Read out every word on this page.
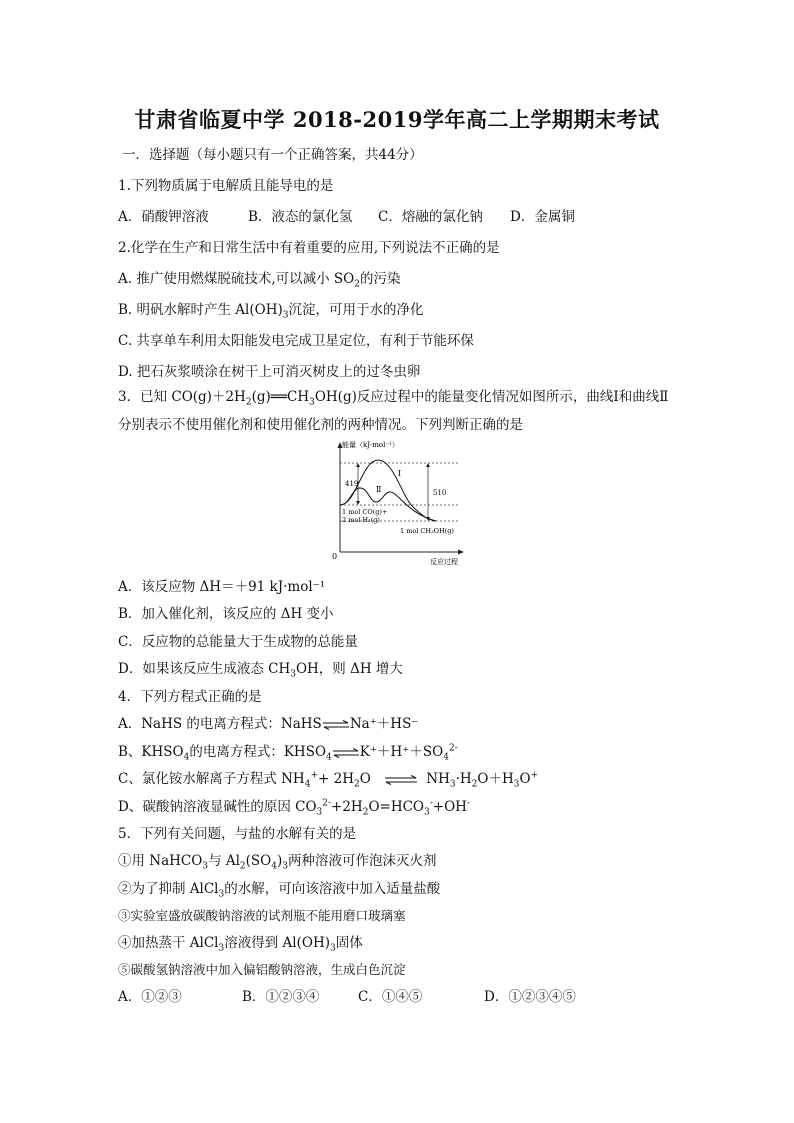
甘肃省临夏中学 2018-2019学年高二上学期期末考试
一．选择题（每小题只有一个正确答案，共44分）
1.下列物质属于电解质且能导电的是
A．硝酸钾溶液	B．液态的氯化氢 C．熔融的氯化钠 D．金属铜
2.化学在生产和日常生活中有着重要的应用,下列说法不正确的是
A. 推广使用燃煤脱硫技术,可以减小 $SO_2$的污染
B. 明矾水解时产生 $Al(OH)_3$沉淀，可用于水的净化
C. 共享单车利用太阳能发电完成卫星定位，有利于节能环保
D. 把石灰浆喷涂在树干上可消灭树皮上的过冬虫卵
3．已知 $CO(g)+2H_2(g)══CH_3OH(g)$反应过程中的能量变化情况如图所示，曲线Ⅰ和曲线Ⅱ
分别表示不使用催化剂和使用催化剂的两种情况。下列判断正确的是
能量（kJ·mol⁻¹）
反应过程
0
419
510
Ⅰ
Ⅱ
1 mol CO(g)+
2 mol H₂(g)
1 mol CH₃OH(g)
A．该反应物 ΔH＝＋91 kJ·mol⁻¹
B．加入催化剂，该反应的 ΔH 变小
C．反应物的总能量大于生成物的总能量
D．如果该反应生成液态 $CH_3OH$，则 ΔH 增大
4．下列方程式正确的是
A．NaHS 的电离方程式：NaHS⇌Na⁺＋HS⁻
B、$KHSO_4$的电离方程式：$KHSO_4$ $\rightleftharpoons K^++H^++SO_4^{2-}$
C、氯化铵水解离子方程式 $NH_4^++ 2H_2O$ ⇌ $NH_3\cdot H_2O+H_3O^+$
D、碳酸钠溶液显碱性的原因 $CO_3^{2-}+2H_2O=HCO_3^-+OH^-$
5．下列有关问题，与盐的水解有关的是
①用 NaHCO$_3$与 $Al_2(SO_4)_3$两种溶液可作泡沫灭火剂
②为了抑制 AlCl$_3$的水解，可向该溶液中加入适量盐酸
③实验室盛放碳酸钠溶液的试剂瓶不能用磨口玻璃塞
④加热蒸干 AlCl$_3$溶液得到 $Al(OH)_3$固体
⑤碳酸氢钠溶液中加入偏铝酸钠溶液，生成白色沉淀
A．①②③	B．①②③④	C．①④⑤	D．①②③④⑤
